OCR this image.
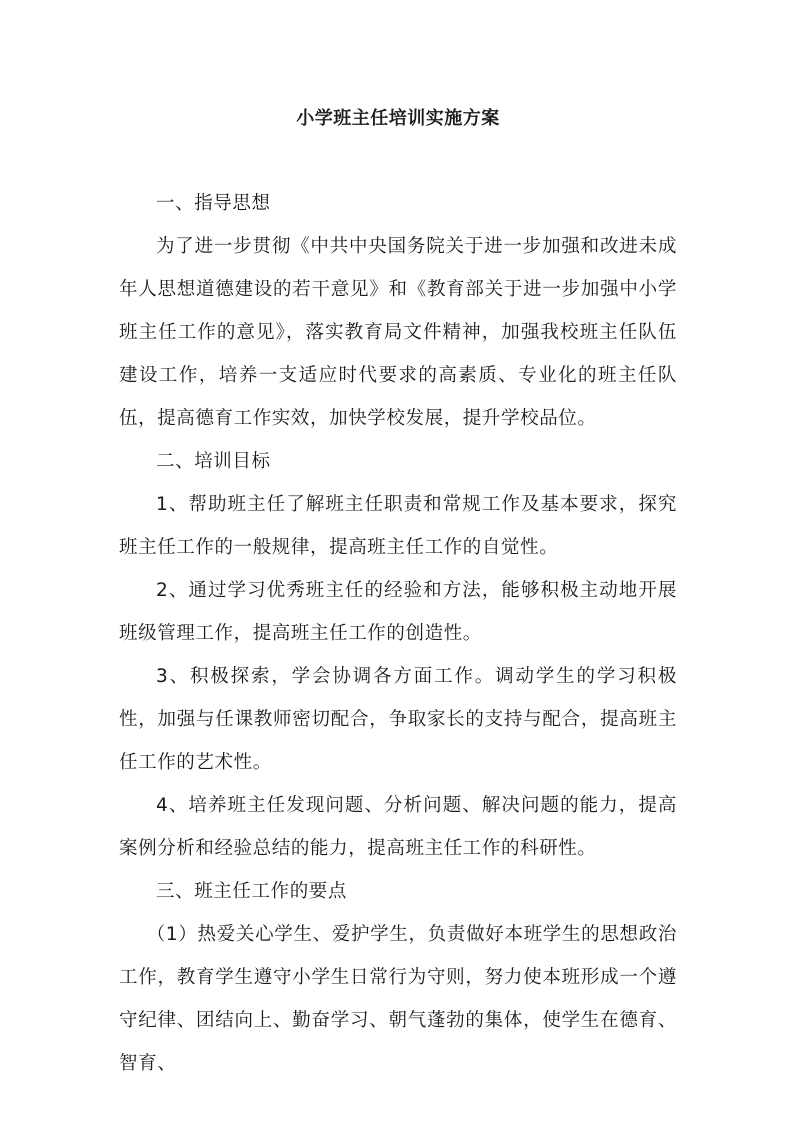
小学班主任培训实施方案

一、指导思想

为了进一步贯彻《中共中央国务院关于进一步加强和改进未成年人思想道德建设的若干意见》和《教育部关于进一步加强中小学班主任工作的意见》，落实教育局文件精神，加强我校班主任队伍建设工作，培养一支适应时代要求的高素质、专业化的班主任队伍，提高德育工作实效，加快学校发展，提升学校品位。

二、培训目标

1、帮助班主任了解班主任职责和常规工作及基本要求，探究班主任工作的一般规律，提高班主任工作的自觉性。

2、通过学习优秀班主任的经验和方法，能够积极主动地开展班级管理工作，提高班主任工作的创造性。

3、积极探索，学会协调各方面工作。调动学生的学习积极性，加强与任课教师密切配合，争取家长的支持与配合，提高班主任工作的艺术性。

4、培养班主任发现问题、分析问题、解决问题的能力，提高案例分析和经验总结的能力，提高班主任工作的科研性。

三、班主任工作的要点

（1）热爱关心学生、爱护学生，负责做好本班学生的思想政治工作，教育学生遵守小学生日常行为守则，努力使本班形成一个遵守纪律、团结向上、勤奋学习、朝气蓬勃的集体，使学生在德育、智育、
